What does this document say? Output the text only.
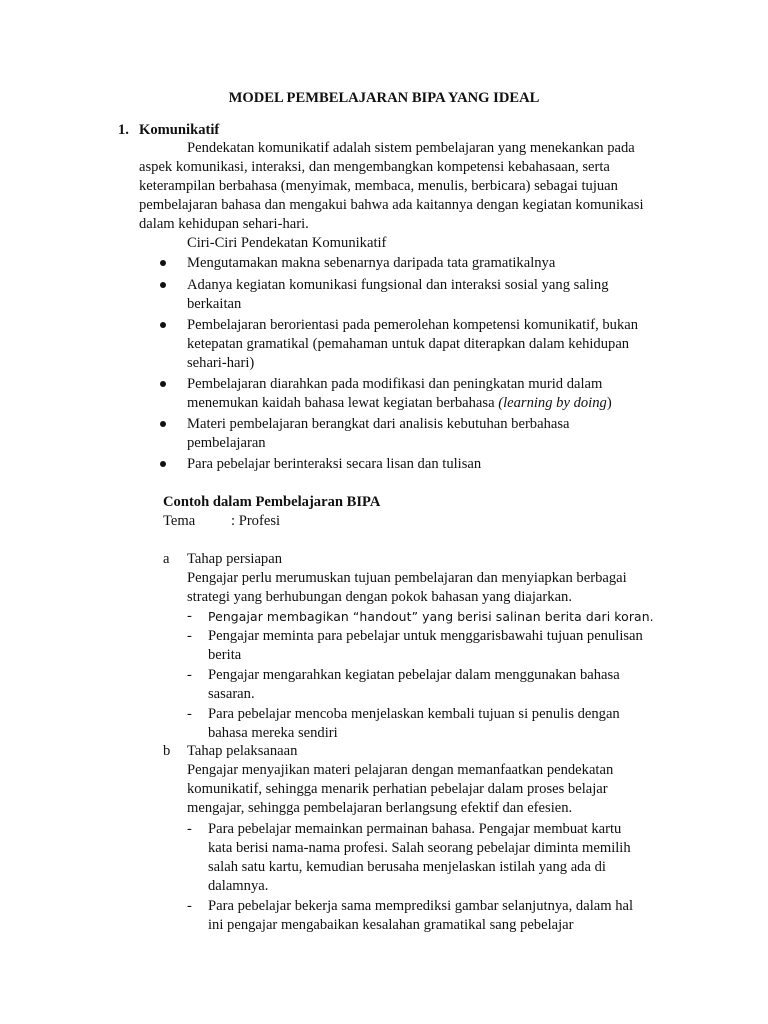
MODEL PEMBELAJARAN BIPA YANG IDEAL
1. Komunikatif
Pendekatan komunikatif adalah sistem pembelajaran yang menekankan pada
aspek komunikasi, interaksi, dan mengembangkan kompetensi kebahasaan, serta
keterampilan berbahasa (menyimak, membaca, menulis, berbicara) sebagai tujuan
pembelajaran bahasa dan mengakui bahwa ada kaitannya dengan kegiatan komunikasi
dalam kehidupan sehari-hari.
Ciri-Ciri Pendekatan Komunikatif
Mengutamakan makna sebenarnya daripada tata gramatikalnya
Adanya kegiatan komunikasi fungsional dan interaksi sosial yang saling
berkaitan
Pembelajaran berorientasi pada pemerolehan kompetensi komunikatif, bukan
ketepatan gramatikal (pemahaman untuk dapat diterapkan dalam kehidupan
sehari-hari)
Pembelajaran diarahkan pada modifikasi dan peningkatan murid dalam
menemukan kaidah bahasa lewat kegiatan berbahasa (learning by doing)
Materi pembelajaran berangkat dari analisis kebutuhan berbahasa
pembelajaran
Para pebelajar berinteraksi secara lisan dan tulisan
Contoh dalam Pembelajaran BIPA
Tema : Profesi
a Tahap persiapan
Pengajar perlu merumuskan tujuan pembelajaran dan menyiapkan berbagai
strategi yang berhubungan dengan pokok bahasan yang diajarkan.
- Pengajar membagikan “handout” yang berisi salinan berita dari koran.
- Pengajar meminta para pebelajar untuk menggarisbawahi tujuan penulisan
berita
- Pengajar mengarahkan kegiatan pebelajar dalam menggunakan bahasa
sasaran.
- Para pebelajar mencoba menjelaskan kembali tujuan si penulis dengan
bahasa mereka sendiri
b Tahap pelaksanaan
Pengajar menyajikan materi pelajaran dengan memanfaatkan pendekatan
komunikatif, sehingga menarik perhatian pebelajar dalam proses belajar
mengajar, sehingga pembelajaran berlangsung efektif dan efesien.
- Para pebelajar memainkan permainan bahasa. Pengajar membuat kartu
kata berisi nama-nama profesi. Salah seorang pebelajar diminta memilih
salah satu kartu, kemudian berusaha menjelaskan istilah yang ada di
dalamnya.
- Para pebelajar bekerja sama memprediksi gambar selanjutnya, dalam hal
ini pengajar mengabaikan kesalahan gramatikal sang pebelajar
